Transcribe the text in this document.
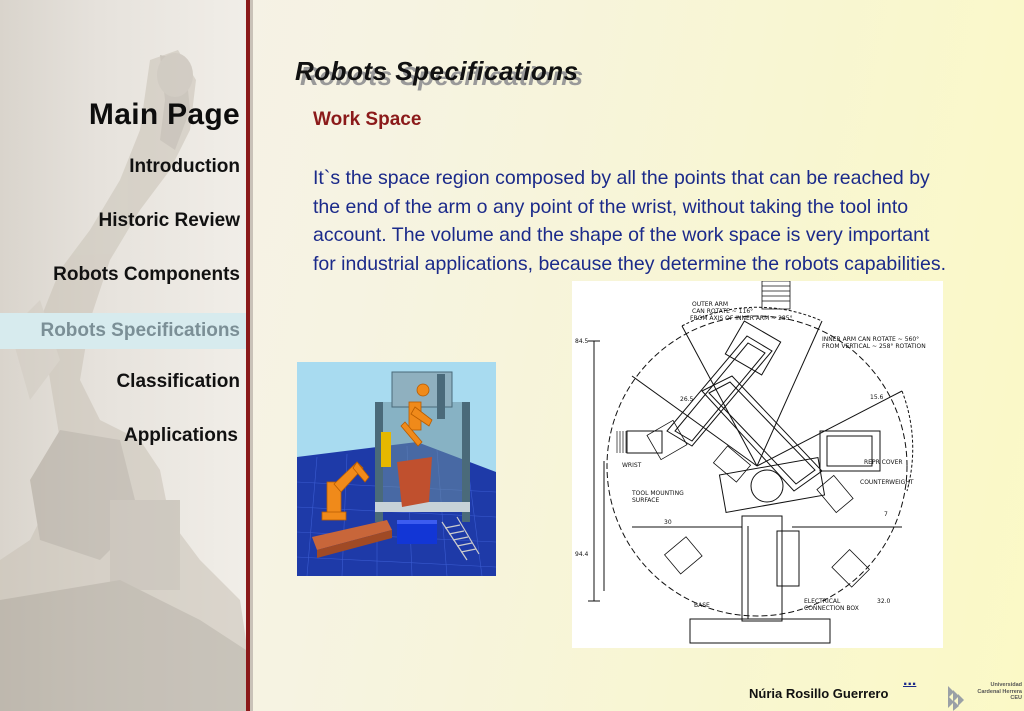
Main Page
Introduction
Historic Review
Robots Components
Robots Specifications
Classification
Applications
Robots Specifications
Work Space

It`s the space region composed by all the points that can be reached by the end of the arm o any point of the wrist, without taking the tool into account. The volume and the shape of the work space is very important for industrial applications, because they determine the robots capabilities.

OUTER ARM
CAN ROTATE ~ 116°
FROM AXIS OF INNER ARM ~ 285°
INNER ARM CAN ROTATE ~ 560°
FROM VERTICAL ~ 258° ROTATION
WRIST
TOOL MOUNTING
SURFACE
REPR COVER
COUNTERWEIGHT
ELECTRICAL
CONNECTION BOX
BASE
84.5
94.4
32.0
30
7
15.6
26.5
Núria Rosillo Guerrero
...	Universidad Cardenal Herrera CEU
